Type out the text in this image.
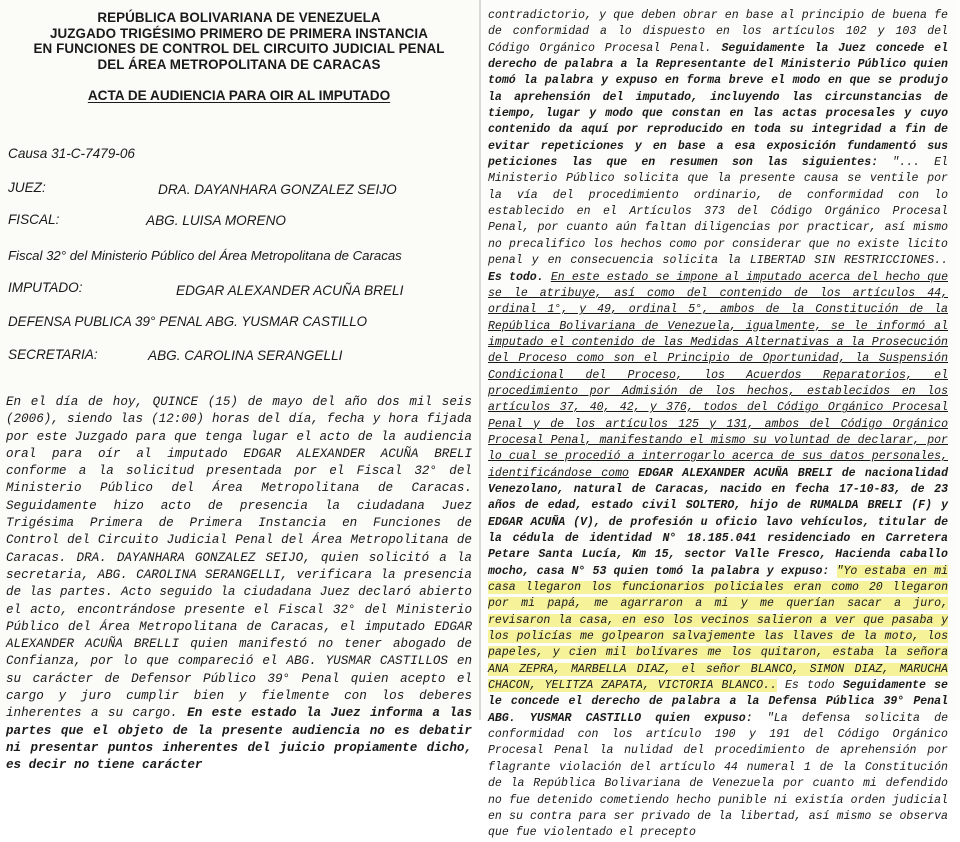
REPÚBLICA BOLIVARIANA DE VENEZUELA
JUZGADO TRIGÉSIMO PRIMERO DE PRIMERA INSTANCIA
EN FUNCIONES DE CONTROL DEL CIRCUITO JUDICIAL PENAL
DEL ÁREA METROPOLITANA DE CARACAS
ACTA DE AUDIENCIA PARA OIR AL IMPUTADO
Causa 31-C-7479-06
JUEZ:	DRA. DAYANHARA GONZALEZ SEIJO
FISCAL:	ABG. LUISA MORENO
Fiscal 32° del Ministerio Público del Área Metropolitana de Caracas
IMPUTADO:	EDGAR ALEXANDER ACUÑA BRELI
DEFENSA PUBLICA 39° PENAL ABG. YUSMAR CASTILLO
SECRETARIA:	ABG. CAROLINA SERANGELLI
En el día de hoy, QUINCE (15) de mayo del año dos mil seis (2006), siendo las (12:00) horas del día, fecha y hora fijada por este Juzgado para que tenga lugar el acto de la audiencia oral para oír al imputado EDGAR ALEXANDER ACUÑA BRELI conforme a la solicitud presentada por el Fiscal 32° del Ministerio Público del Área Metropolitana de Caracas. Seguidamente hizo acto de presencia la ciudadana Juez Trigésima Primera de Primera Instancia en Funciones de Control del Circuito Judicial Penal del Área Metropolitana de Caracas. DRA. DAYANHARA GONZALEZ SEIJO, quien solicitó a la secretaria, ABG. CAROLINA SERANGELLI, verificara la presencia de las partes. Acto seguido la ciudadana Juez declaró abierto el acto, encontrándose presente el Fiscal 32° del Ministerio Público del Área Metropolitana de Caracas, el imputado EDGAR ALEXANDER ACUÑA BRELLI quien manifestó no tener abogado de Confianza, por lo que compareció el ABG. YUSMAR CASTILLOS en su carácter de Defensor Público 39° Penal quien acepto el cargo y juro cumplir bien y fielmente con los deberes inherentes a su cargo. En este estado la Juez informa a las partes que el objeto de la presente audiencia no es debatir ni presentar puntos inherentes del juicio propiamente dicho, es decir no tiene carácter
contradictorio, y que deben obrar en base al principio de buena fe de conformidad a lo dispuesto en los artículos 102 y 103 del Código Orgánico Procesal Penal. Seguidamente la Juez concede el derecho de palabra a la Representante del Ministerio Público quien tomó la palabra y expuso en forma breve el modo en que se produjo la aprehensión del imputado, incluyendo las circunstancias de tiempo, lugar y modo que constan en las actas procesales y cuyo contenido da aquí por reproducido en toda su integridad a fin de evitar repeticiones y en base a esa exposición fundamentó sus peticiones las que en resumen son las siguientes: "... El Ministerio Público solicita que la presente causa se ventile por la vía del procedimiento ordinario, de conformidad con lo establecido en el Artículos 373 del Código Orgánico Procesal Penal, por cuanto aún faltan diligencias por practicar, así mismo no precalifico los hechos como por considerar que no existe licito penal y en consecuencia solicita la LIBERTAD SIN RESTRICCIONES.. Es todo. En este estado se impone al imputado acerca del hecho que se le atribuye, así como del contenido de los artículos 44, ordinal 1°, y 49, ordinal 5°, ambos de la Constitución de la República Bolivariana de Venezuela, igualmente, se le informó al imputado el contenido de las Medidas Alternativas a la Prosecución del Proceso como son el Principio de Oportunidad, la Suspensión Condicional del Proceso, los Acuerdos Reparatorios, el procedimiento por Admisión de los hechos, establecidos en los artículos 37, 40, 42, y 376, todos del Código Orgánico Procesal Penal y de los artículos 125 y 131, ambos del Código Orgánico Procesal Penal, manifestando el mismo su voluntad de declarar, por lo cual se procedió a interrogarlo acerca de sus datos personales, identificándose como EDGAR ALEXANDER ACUÑA BRELI de nacionalidad Venezolano, natural de Caracas, nacido en fecha 17-10-83, de 23 años de edad, estado civil SOLTERO, hijo de RUMALDA BRELI (F) y EDGAR ACUÑA (V), de profesión u oficio lavo vehículos, titular de la cédula de identidad N° 18.185.041 residenciado en Carretera Petare Santa Lucía, Km 15, sector Valle Fresco, Hacienda caballo mocho, casa N° 53 quien tomó la palabra y expuso: "Yo estaba en mi casa llegaron los funcionarios policiales eran como 20 llegaron por mi papá, me agarraron a mi y me querían sacar a juro, revisaron la casa, en eso los vecinos salieron a ver que pasaba y los policías me golpearon salvajemente las llaves de la moto, los papeles, y cien mil bolívares me los quitaron, estaba la señora ANA ZEPRA, MARBELLA DIAZ, el señor BLANCO, SIMON DIAZ, MARUCHA CHACON, YELITZA ZAPATA, VICTORIA BLANCO.. Es todo Seguidamente se le concede el derecho de palabra a la Defensa Pública 39° Penal ABG. YUSMAR CASTILLO quien expuso: "La defensa solicita de conformidad con los artículo 190 y 191 del Código Orgánico Procesal Penal la nulidad del procedimiento de aprehensión por flagrante violación del artículo 44 numeral 1 de la Constitución de la República Bolivariana de Venezuela por cuanto mi defendido no fue detenido cometiendo hecho punible ni existía orden judicial en su contra para ser privado de la libertad, así mismo se observa que fue violentado el precepto
